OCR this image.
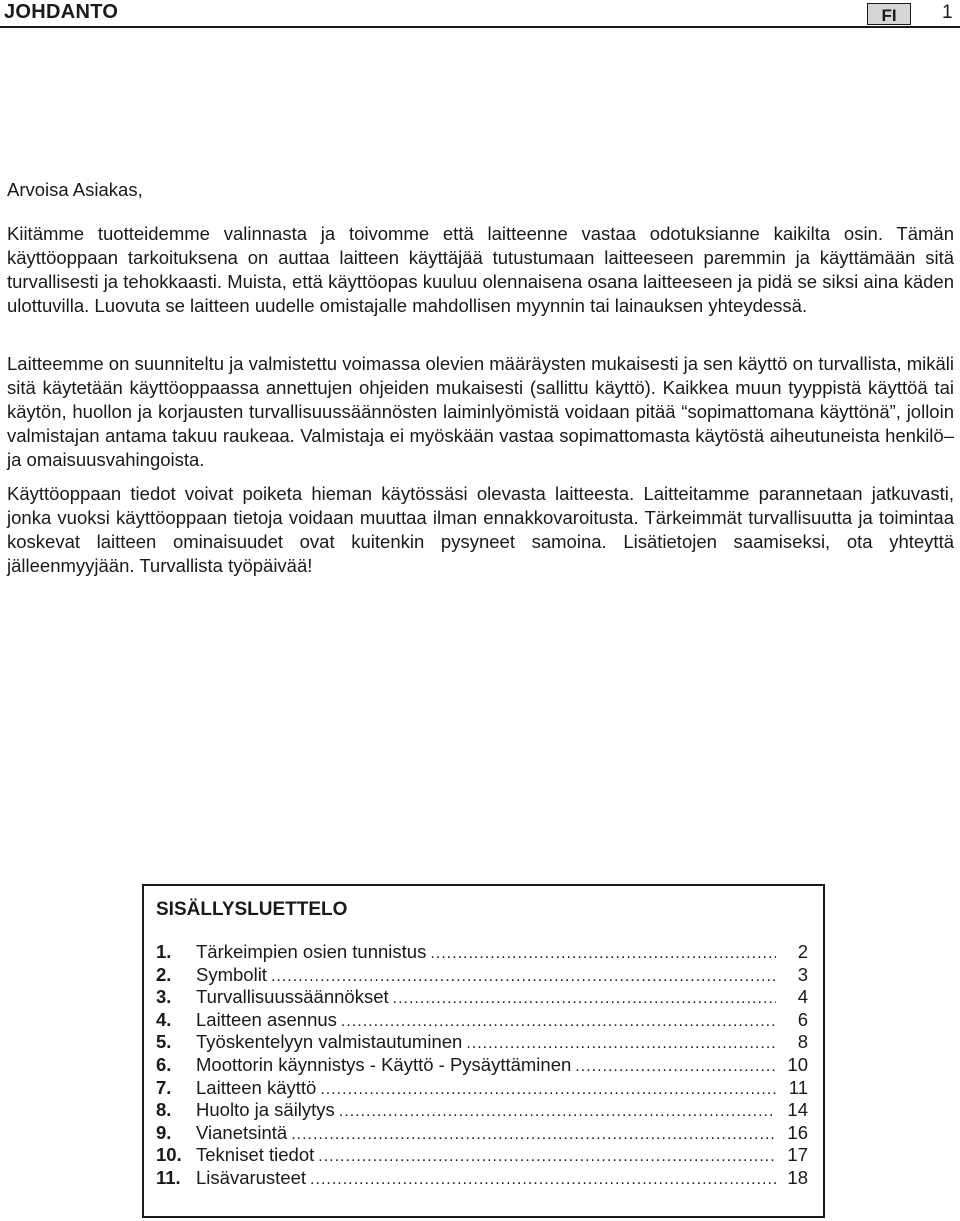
JOHDANTO	FI	1
Arvoisa Asiakas,
Kiitämme tuotteidemme valinnasta ja toivomme että laitteenne vastaa odotuksianne kaikilta osin. Tämän käyttöoppaan tarkoituksena on auttaa laitteen käyttäjää tutustumaan laitteeseen paremmin ja käyttämään sitä turvallisesti ja tehokkaasti. Muista, että käyttöopas kuuluu olennaisena osana laitteeseen ja pidä se siksi aina käden ulottuvilla. Luovuta se laitteen uudelle omistajalle mahdollisen myynnin tai lainauksen yhteydessä.
Laitteemme on suunniteltu ja valmistettu voimassa olevien määräysten mukaisesti ja sen käyttö on turvallista, mikäli sitä käytetään käyttöoppaassa annettujen ohjeiden mukaisesti (sallittu käyttö). Kaikkea muun tyyppistä käyttöä tai käytön, huollon ja korjausten turvallisuussäännösten laiminlyömistä voidaan pitää “sopimattomana käyttönä”, jolloin valmistajan antama takuu raukeaa. Valmistaja ei myöskään vastaa sopimattomasta käytöstä aiheutuneista henkilö– ja omaisuusvahingoista.
Käyttöoppaan tiedot voivat poiketa hieman käytössäsi olevasta laitteesta. Laitteitamme parannetaan jatkuvasti, jonka vuoksi käyttöoppaan tietoja voidaan muuttaa ilman ennakkovaroitusta. Tärkeimmät turvallisuutta ja toimintaa koskevat laitteen ominaisuudet ovat kuitenkin pysyneet samoina. Lisätietojen saamiseksi, ota yhteyttä jälleenmyyjään. Turvallista työpäivää!
SISÄLLYSLUETTELO
1.	Tärkeimpien osien tunnistus .....	2
2.	Symbolit .....	3
3.	Turvallisuussäännökset .....	4
4.	Laitteen asennus .....	6
5.	Työskentelyyn valmistautuminen .....	8
6.	Moottorin käynnistys - Käyttö - Pysäyttäminen .....	10
7.	Laitteen käyttö .....	11
8.	Huolto ja säilytys .....	14
9.	Vianetsintä .....	16
10. Tekniset tiedot .....	17
11. Lisävarusteet .....	18
